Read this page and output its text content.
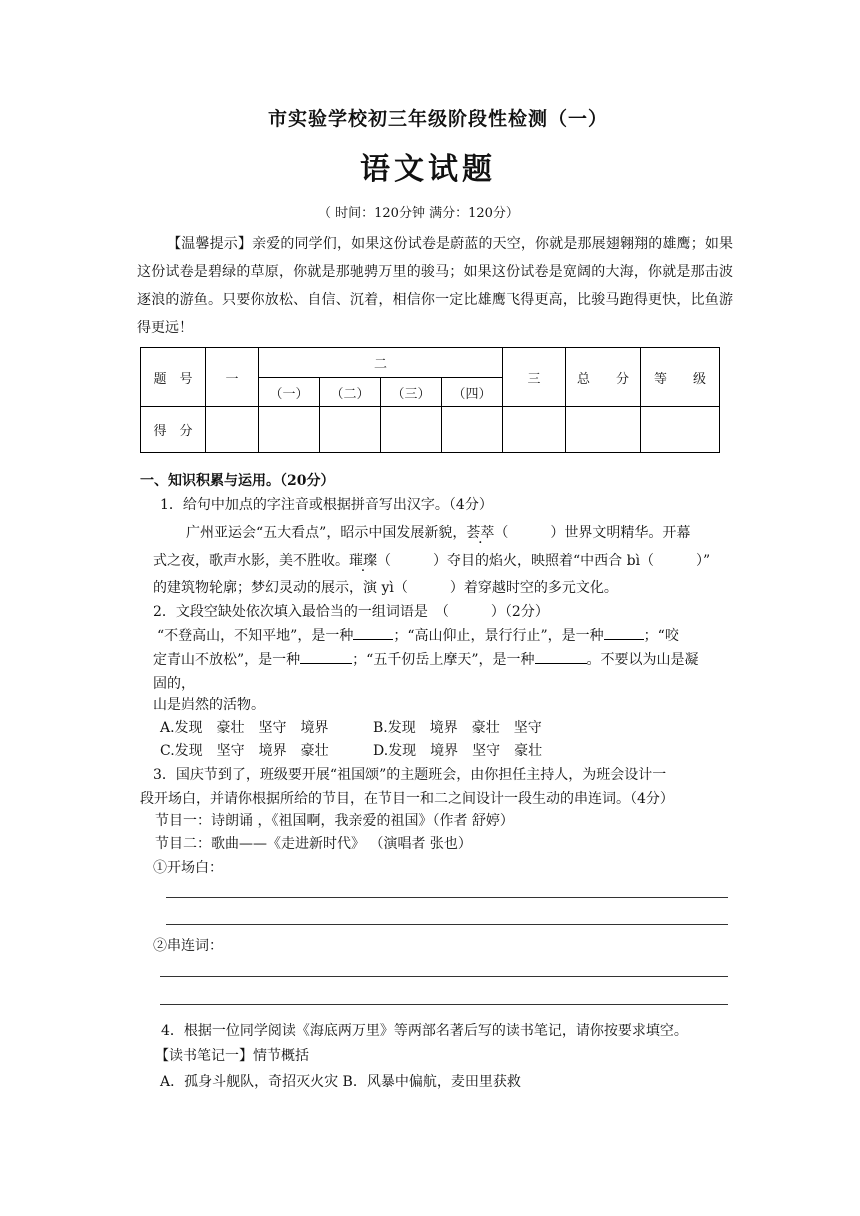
市实验学校初三年级阶段性检测（一）
语文试题
（ 时间：120分钟 满分：120分）
【温馨提示】亲爱的同学们，如果这份试卷是蔚蓝的天空，你就是那展翅翱翔的雄鹰；如果这份试卷是碧绿的草原，你就是那驰骋万里的骏马；如果这份试卷是宽阔的大海，你就是那击波逐浪的游鱼。只要你放松、自信、沉着，相信你一定比雄鹰飞得更高，比骏马跑得更快，比鱼游得更远！
题　号	一	二				三	总　　分	等　　级
		（一）	（二）	（三）	（四）			
得　分								
一、知识积累与运用。（20分）
1．给句中加点的字注音或根据拼音写出汉字。（4分）
广州亚运会“五大看点”，昭示中国发展新貌，荟萃（　　　）世界文明精华。开幕
式之夜，歌声水影，美不胜收。璀璨（　　　）夺目的焰火，映照着“中西合 bì（　　　）”
的建筑物轮廓；梦幻灵动的展示，演 yì（　　　）着穿越时空的多元文化。
2．文段空缺处依次填入最恰当的一组词语是　（　　　）（2分）
“不登高山，不知平地”，是一种	；“高山仰止，景行行止”，是一种	；“咬
定青山不放松”，是一种	；“五千仞岳上摩天”，是一种	。不要以为山是凝
固的，
山是岿然的活物。
A.发现　豪壮　坚守　境界	B.发现　境界　豪壮　坚守
C.发现　坚守　境界　豪壮	D.发现　境界　坚守　豪壮
3．国庆节到了，班级要开展“祖国颂”的主题班会，由你担任主持人，为班会设计一
段开场白，并请你根据所给的节目，在节目一和二之间设计一段生动的串连词。（4分）
节目一：诗朗诵 ，《祖国啊，我亲爱的祖国》（作者 舒婷）
节目二：歌曲——《走进新时代》 （演唱者 张也）
①开场白：
②串连词：
4．根据一位同学阅读《海底两万里》等两部名著后写的读书笔记，请你按要求填空。
【读书笔记一】情节概括
A．孤身斗舰队，奇招灭火灾 B．风暴中偏航，麦田里获救
